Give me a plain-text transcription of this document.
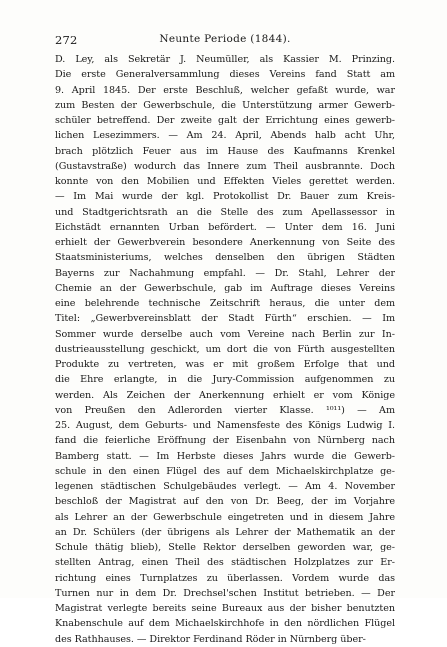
272	Neunte Periode (1844).
D. Ley, als Sekretär J. Neumüller, als Kassier M. Prinzing.
Die erste Generalversammlung dieses Vereins fand Statt am
9. April 1845. Der erste Beschluß, welcher gefaßt wurde, war
zum Besten der Gewerbschule, die Unterstützung armer Gewerb-
schüler betreffend. Der zweite galt der Errichtung eines gewerb-
lichen Lesezimmers. — Am 24. April, Abends halb acht Uhr,
brach plötzlich Feuer aus im Hause des Kaufmanns Krenkel
(Gustavstraße) wodurch das Innere zum Theil ausbrannte. Doch
konnte von den Mobilien und Effekten Vieles gerettet werden.
— Im Mai wurde der kgl. Protokollist Dr. Bauer zum Kreis-
und Stadtgerichtsrath an die Stelle des zum Apellassessor in
Eichstädt ernannten Urban befördert. — Unter dem 16. Juni
erhielt der Gewerbverein besondere Anerkennung von Seite des
Staatsministeriums, welches denselben den übrigen Städten
Bayerns zur Nachahmung empfahl. — Dr. Stahl, Lehrer der
Chemie an der Gewerbschule, gab im Auftrage dieses Vereins
eine belehrende technische Zeitschrift heraus, die unter dem
Titel: „Gewerbvereinsblatt der Stadt Fürth“ erschien. — Im
Sommer wurde derselbe auch vom Vereine nach Berlin zur In-
dustrieausstellung geschickt, um dort die von Fürth ausgestellten
Produkte zu vertreten, was er mit großem Erfolge that und
die Ehre erlangte, in die Jury-Commission aufgenommen zu
werden. Als Zeichen der Anerkennung erhielt er vom Könige
von Preußen den Adlerorden vierter Klasse. ¹⁰¹¹) — Am
25. August, dem Geburts- und Namensfeste des Königs Ludwig I.
fand die feierliche Eröffnung der Eisenbahn von Nürnberg nach
Bamberg statt. — Im Herbste dieses Jahrs wurde die Gewerb-
schule in den einen Flügel des auf dem Michaelskirchplatze ge-
legenen städtischen Schulgebäudes verlegt. — Am 4. November
beschloß der Magistrat auf den von Dr. Beeg, der im Vorjahre
als Lehrer an der Gewerbschule eingetreten und in diesem Jahre
an Dr. Schülers (der übrigens als Lehrer der Mathematik an der
Schule thätig blieb), Stelle Rektor derselben geworden war, ge-
stellten Antrag, einen Theil des städtischen Holzplatzes zur Er-
richtung eines Turnplatzes zu überlassen. Vordem wurde das
Turnen nur in dem Dr. Drechsel'schen Institut betrieben. — Der
Magistrat verlegte bereits seine Bureaux aus der bisher benutzten
Knabenschule auf dem Michaelskirchhofe in den nördlichen Flügel
des Rathhauses. — Direktor Ferdinand Röder in Nürnberg über-
